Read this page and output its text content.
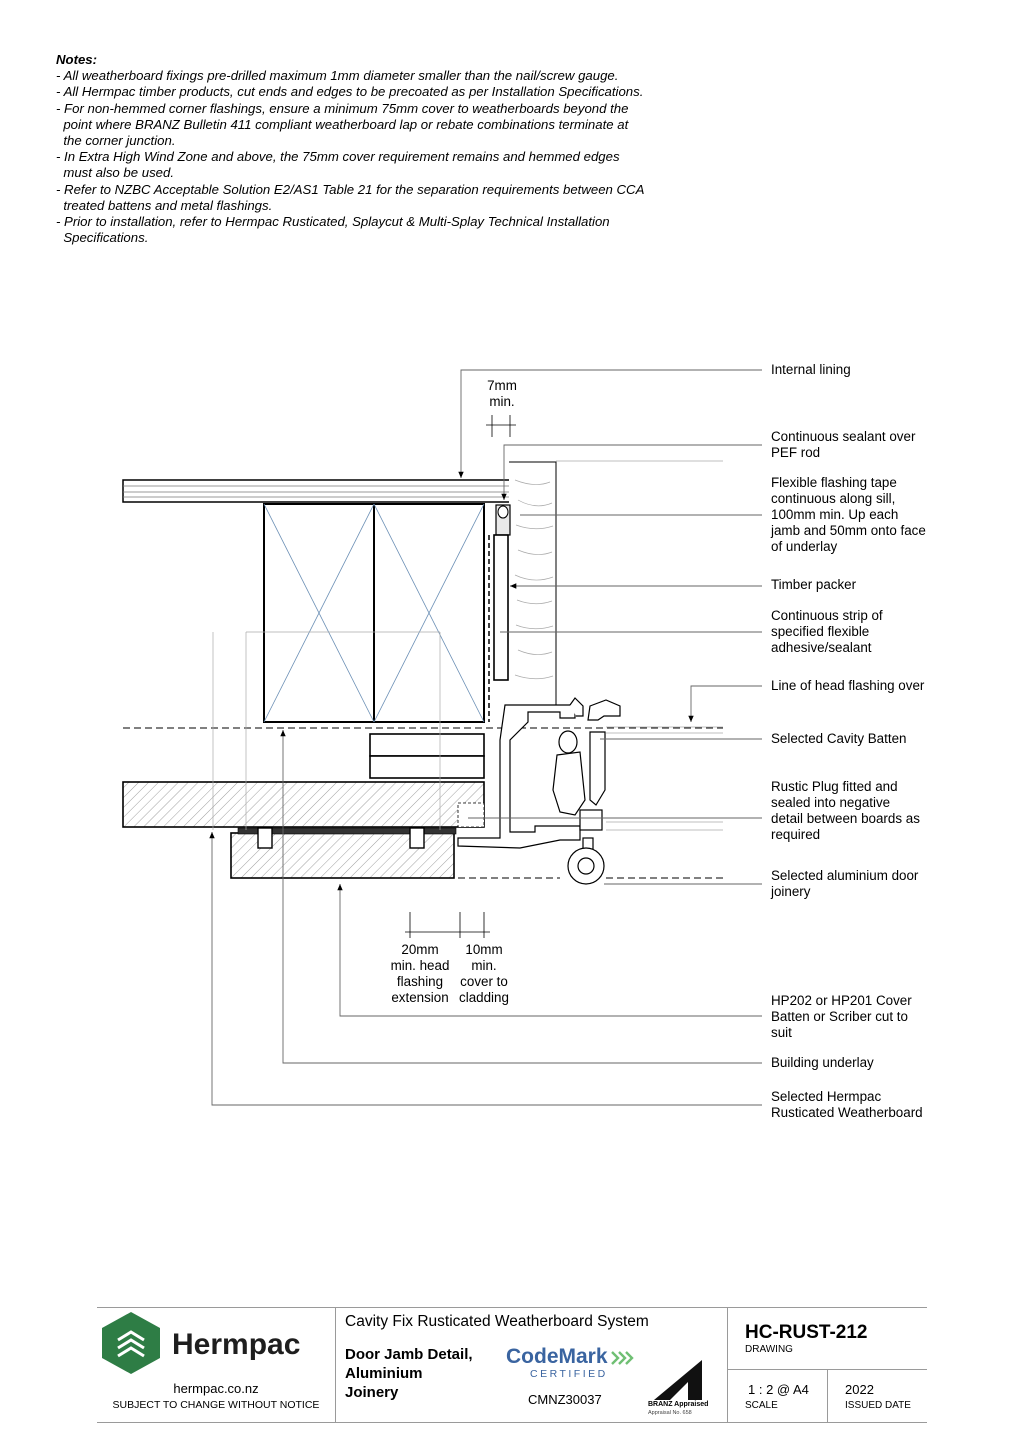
Notes:
- All weatherboard fixings pre-drilled maximum 1mm diameter smaller than the nail/screw gauge.
- All Hermpac timber products, cut ends and edges to be precoated as per Installation Specifications.
- For non-hemmed corner flashings, ensure a minimum 75mm cover to weatherboards beyond the
point where BRANZ Bulletin 411 compliant weatherboard lap or rebate combinations terminate at
the corner junction.
- In Extra High Wind Zone and above, the 75mm cover requirement remains and hemmed edges
must also be used.
- Refer to NZBC Acceptable Solution E2/AS1 Table 21 for the separation requirements between CCA
treated battens and metal flashings.
- Prior to installation, refer to Hermpac Rusticated, Splaycut & Multi-Splay Technical Installation
Specifications.
7mm
min.
20mm
min. head
flashing
extension
10mm
min.
cover to
cladding
Internal lining
Continuous sealant over
PEF rod
Flexible flashing tape
continuous along sill,
100mm min. Up each
jamb and 50mm onto face
of underlay
Timber packer
Continuous strip of
specified flexible
adhesive/sealant
Line of head flashing over
Selected Cavity Batten
Rustic Plug fitted and
sealed into negative
detail between boards as
required
Selected aluminium door
joinery
HP202 or HP201 Cover
Batten or Scriber cut to
suit
Building underlay
Selected Hermpac
Rusticated Weatherboard
Hermpac
hermpac.co.nz
SUBJECT TO CHANGE WITHOUT NOTICE
Cavity Fix Rusticated Weatherboard System
Door Jamb Detail,
Aluminium
Joinery
CodeMark
CERTIFIED
CMNZ30037	BRANZ Appraised
Appraisal No. 658
HC-RUST-212
DRAWING
1 : 2 @ A4
SCALE
2022
ISSUED DATE
